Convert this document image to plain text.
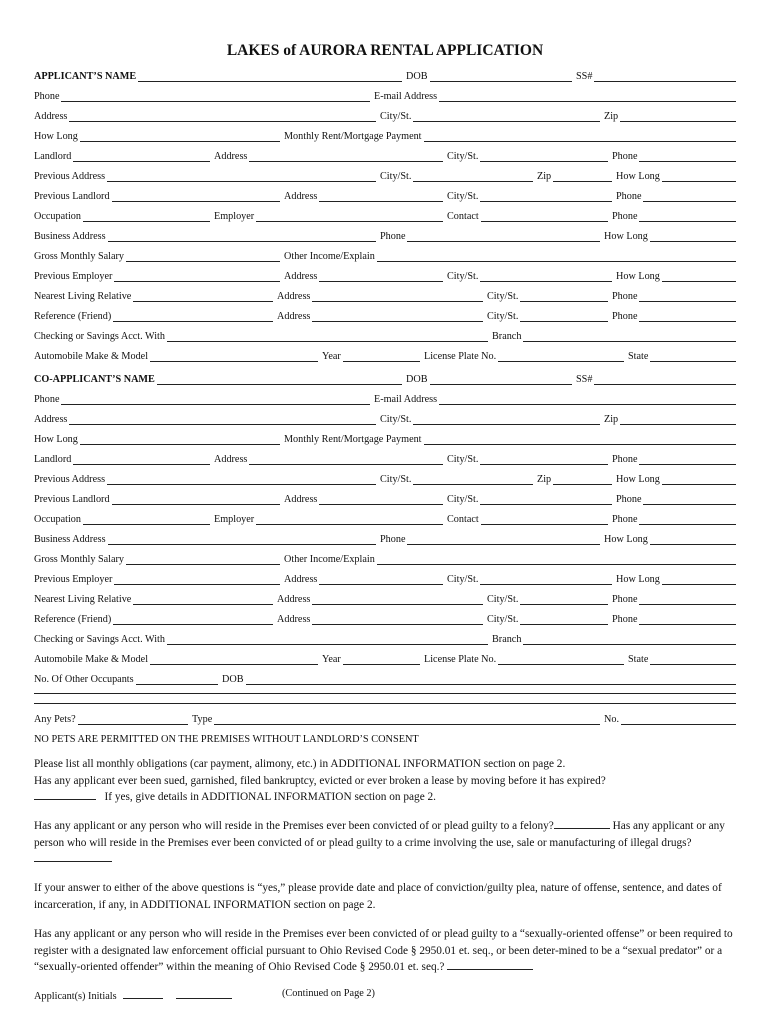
LAKES of AURORA RENTAL APPLICATION
APPLICANT’S NAME	DOB	SS#
Phone	E-mail Address
Address	City/St.	Zip
How Long	Monthly Rent/Mortgage Payment
Landlord	Address	City/St.	Phone
Previous Address	City/St.	Zip	How Long
Previous Landlord	Address	City/St.	Phone
Occupation	Employer	Contact	Phone
Business Address	Phone	How Long
Gross Monthly Salary	Other Income/Explain
Previous Employer	Address	City/St.	How Long
Nearest Living Relative	Address	City/St.	Phone
Reference (Friend)	Address	City/St.	Phone
Checking or Savings Acct. With	Branch
Automobile Make & Model	Year	License Plate No.	State
CO-APPLICANT’S NAME	DOB	SS#
Phone	E-mail Address
Address	City/St.	Zip
How Long	Monthly Rent/Mortgage Payment
Landlord	Address	City/St.	Phone
Previous Address	City/St.	Zip	How Long
Previous Landlord	Address	City/St.	Phone
Occupation	Employer	Contact	Phone
Business Address	Phone	How Long
Gross Monthly Salary	Other Income/Explain
Previous Employer	Address	City/St.	How Long
Nearest Living Relative	Address	City/St.	Phone
Reference (Friend)	Address	City/St.	Phone
Checking or Savings Acct. With	Branch
Automobile Make & Model	Year	License Plate No.	State
No. Of Other Occupants	DOB
Any Pets?	Type	No.
NO PETS ARE PERMITTED ON THE PREMISES WITHOUT LANDLORD’S CONSENT

Please list all monthly obligations (car payment, alimony, etc.) in ADDITIONAL INFORMATION section on page 2.

Has any applicant ever been sued, garnished, filed bankruptcy, evicted or ever broken a lease by moving before it has expired?

If yes, give details in ADDITIONAL INFORMATION section on page 2.

Has any applicant or any person who will reside in the Premises ever been convicted of or plead guilty to a felony?	Has any applicant or any person who will reside in the Premises ever been convicted of or plead guilty to a crime involving the use, sale or manufacturing of illegal drugs?

If your answer to either of the above questions is “yes,” please provide date and place of conviction/guilty plea, nature of offense, sentence, and dates of incarceration, if any, in ADDITIONAL INFORMATION section on page 2.

Has any applicant or any person who will reside in the Premises ever been convicted of or plead guilty to a “sexually-oriented offense” or been required to register with a designated law enforcement official pursuant to Ohio Revised Code § 2950.01 et. seq., or been deter-mined to be a “sexual predator” or a “sexually-oriented offender” within the meaning of Ohio Revised Code § 2950.01 et. seq.?

Applicant(s) Initials	(Continued on Page 2)
